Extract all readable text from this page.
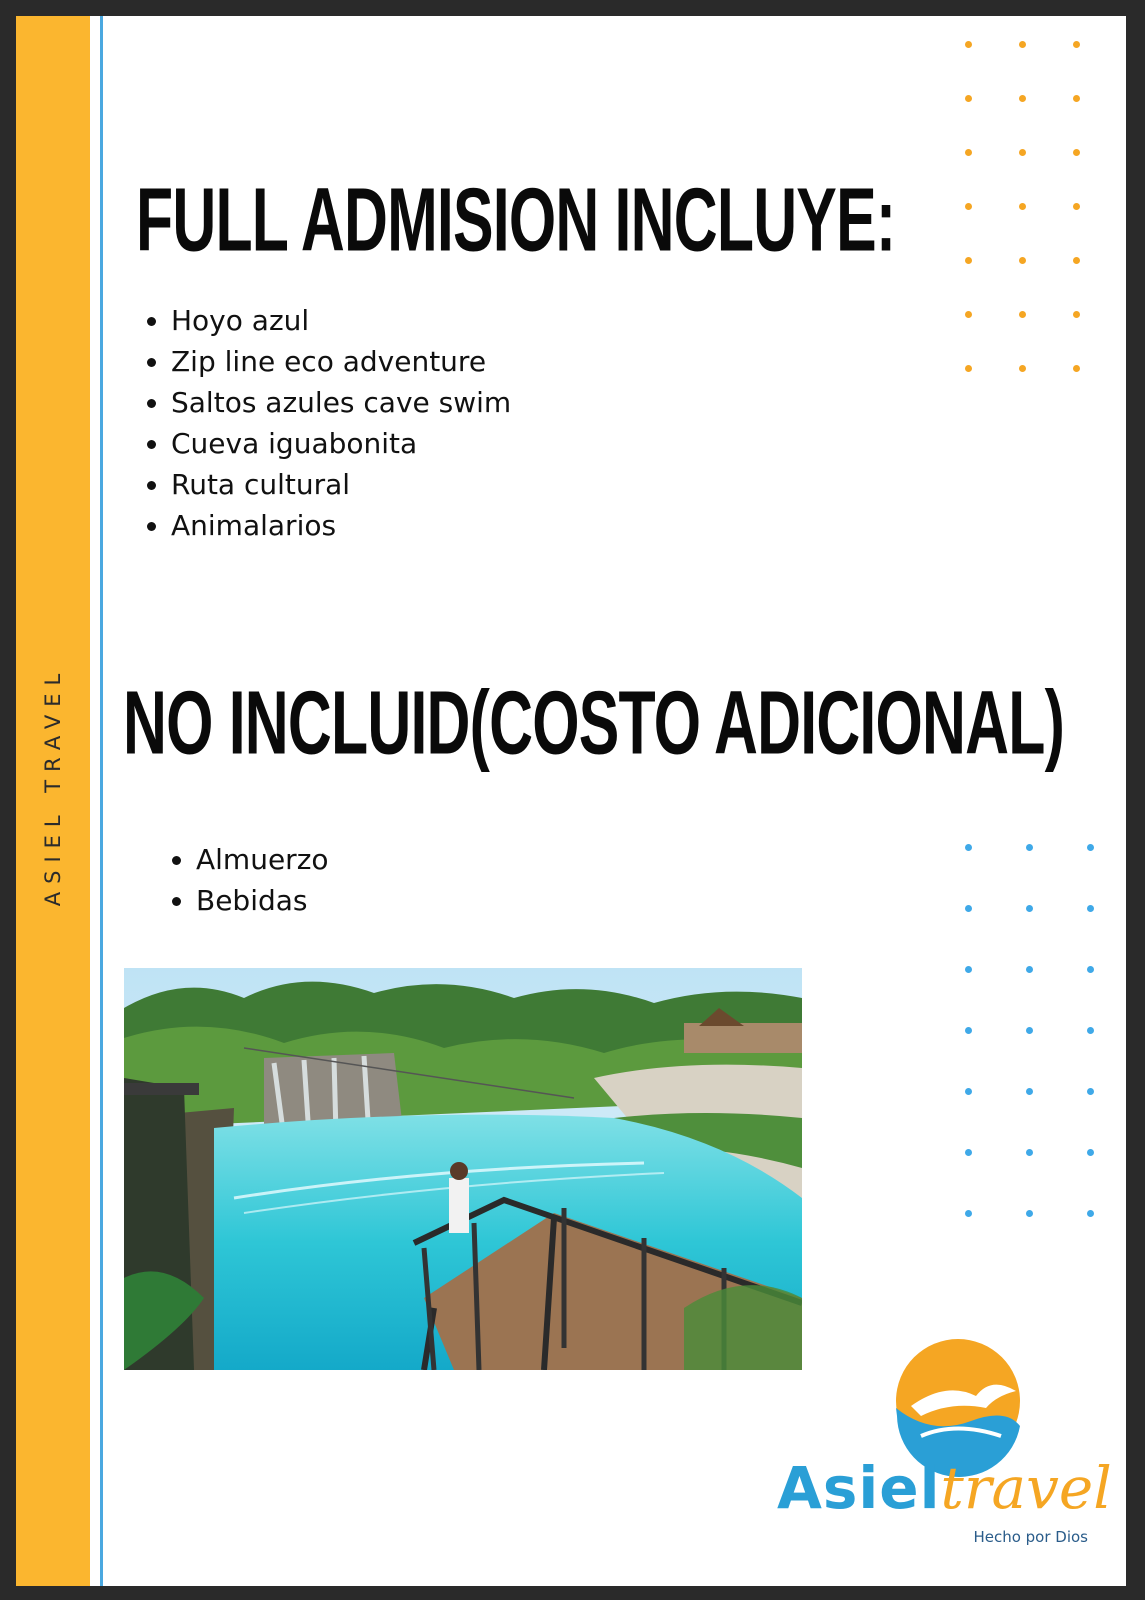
ASIEL TRAVEL
FULL ADMISION INCLUYE:
Hoyo azul
Zip line eco adventure
Saltos azules cave swim
Cueva iguabonita
Ruta cultural
Animalarios
NO INCLUID(COSTO ADICIONAL)
Almuerzo
Bebidas
Asieltravel
Hecho por Dios
